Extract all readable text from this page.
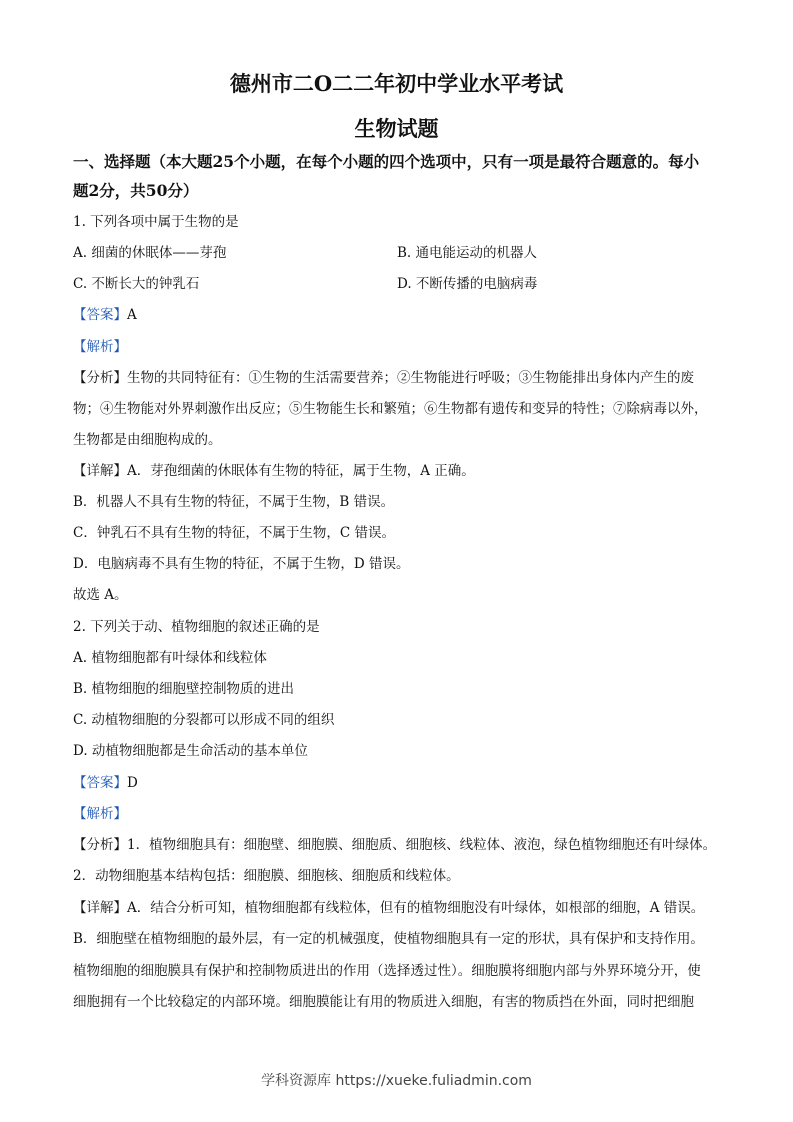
德州市二O二二年初中学业水平考试
生物试题
一、选择题（本大题25个小题，在每个小题的四个选项中，只有一项是最符合题意的。每小
题2分，共50分）
1. 下列各项中属于生物的是
A. 细菌的休眠体——芽孢	B. 通电能运动的机器人
C. 不断长大的钟乳石	D. 不断传播的电脑病毒
【答案】A
【解析】
【分析】生物的共同特征有：①生物的生活需要营养；②生物能进行呼吸；③生物能排出身体内产生的废
物；④生物能对外界刺激作出反应；⑤生物能生长和繁殖；⑥生物都有遗传和变异的特性；⑦除病毒以外，
生物都是由细胞构成的。
【详解】A．芽孢细菌的休眠体有生物的特征，属于生物，A 正确。
B．机器人不具有生物的特征，不属于生物，B 错误。
C．钟乳石不具有生物的特征，不属于生物，C 错误。
D．电脑病毒不具有生物的特征，不属于生物，D 错误。
故选 A。
2. 下列关于动、植物细胞的叙述正确的是
A. 植物细胞都有叶绿体和线粒体
B. 植物细胞的细胞壁控制物质的进出
C. 动植物细胞的分裂都可以形成不同的组织
D. 动植物细胞都是生命活动的基本单位
【答案】D
【解析】
【分析】1．植物细胞具有：细胞壁、细胞膜、细胞质、细胞核、线粒体、液泡，绿色植物细胞还有叶绿体。
2．动物细胞基本结构包括：细胞膜、细胞核、细胞质和线粒体。
【详解】A．结合分析可知，植物细胞都有线粒体，但有的植物细胞没有叶绿体，如根部的细胞，A 错误。
B．细胞壁在植物细胞的最外层，有一定的机械强度，使植物细胞具有一定的形状，具有保护和支持作用。
植物细胞的细胞膜具有保护和控制物质进出的作用（选择透过性）。细胞膜将细胞内部与外界环境分开，使
细胞拥有一个比较稳定的内部环境。细胞膜能让有用的物质进入细胞，有害的物质挡在外面，同时把细胞
学科资源库 https://xueke.fuliadmin.com
